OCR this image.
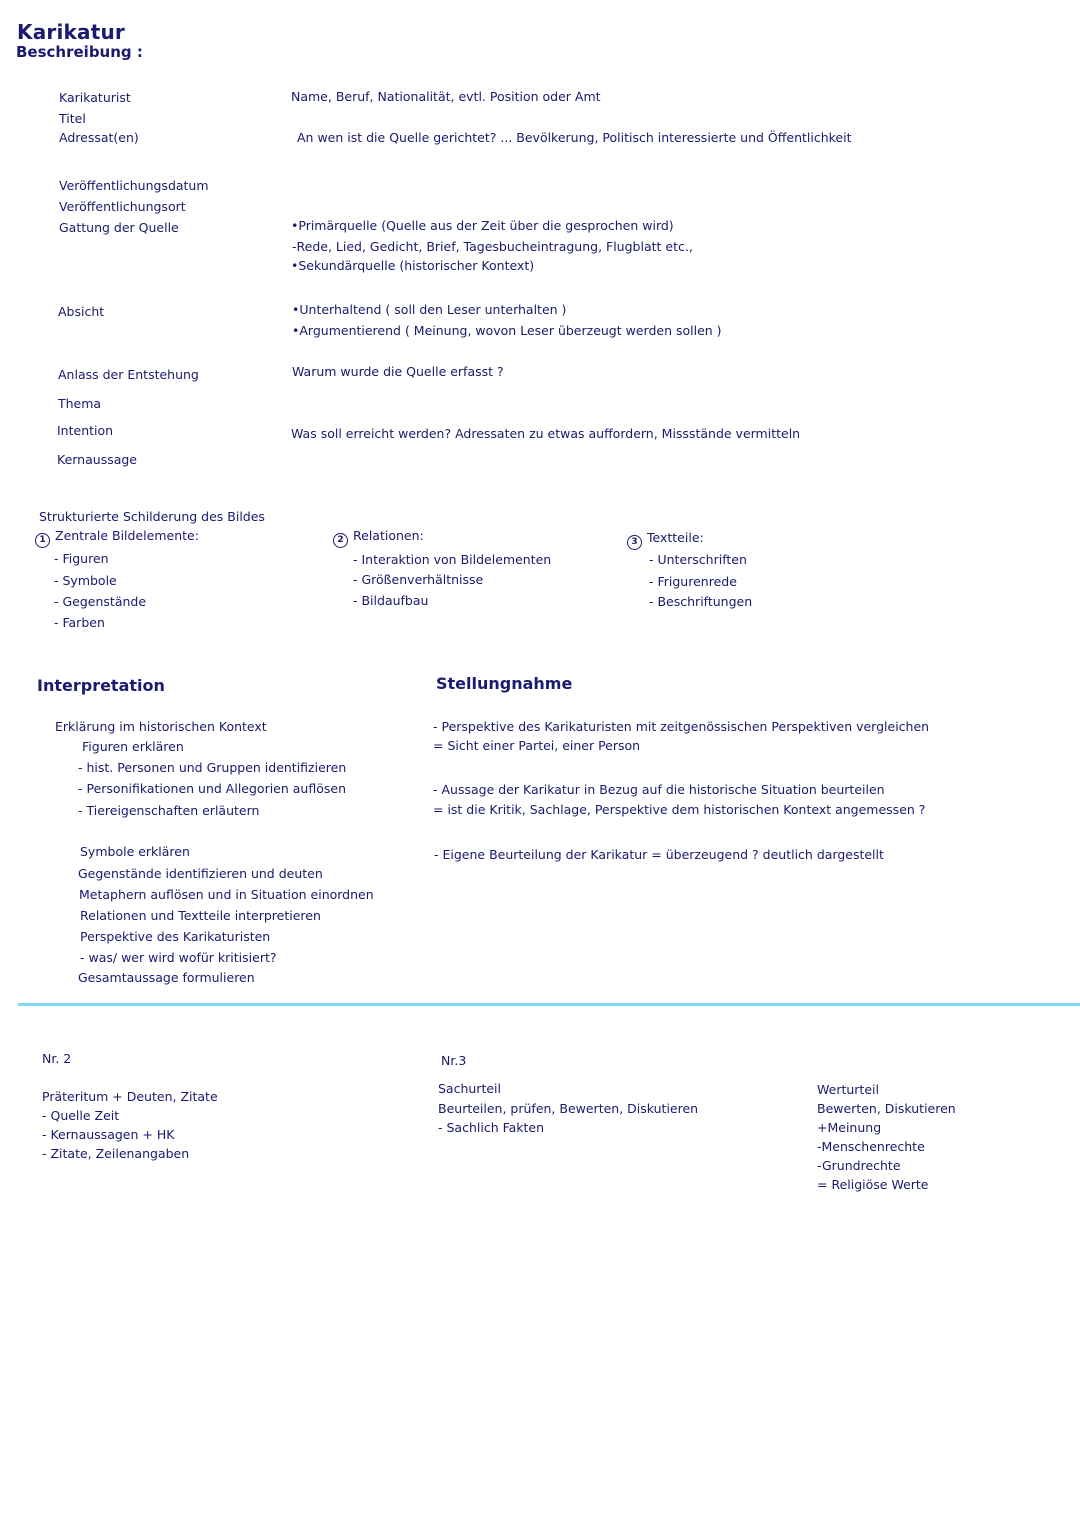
Karikatur
Beschreibung :
Karikaturist
Titel
Adressat(en)
Veröffentlichungsdatum
Veröffentlichungsort
Gattung der Quelle
Absicht
Anlass der Entstehung
Thema
Intention
Kernaussage
Name, Beruf, Nationalität, evtl. Position oder Amt
An wen ist die Quelle gerichtet? ... Bevölkerung, Politisch interessierte und Öffentlichkeit
•Primärquelle (Quelle aus der Zeit über die gesprochen wird)
-Rede, Lied, Gedicht, Brief, Tagesbucheintragung, Flugblatt etc.,
•Sekundärquelle (historischer Kontext)
•Unterhaltend ( soll den Leser unterhalten )
•Argumentierend ( Meinung, wovon Leser überzeugt werden sollen )
Warum wurde die Quelle erfasst ?
Was soll erreicht werden? Adressaten zu etwas auffordern, Missstände vermitteln
Strukturierte Schilderung des Bildes
1 Zentrale Bildelemente:
- Figuren
- Symbole
- Gegenstände
- Farben
2 Relationen:
- Interaktion von Bildelementen
- Größenverhältnisse
- Bildaufbau
3 Textteile:
- Unterschriften
- Frigurenrede
- Beschriftungen
Interpretation
Erklärung im historischen Kontext
Figuren erklären
- hist. Personen und Gruppen identifizieren
- Personifikationen und Allegorien auflösen
- Tiereigenschaften erläutern
Symbole erklären
Gegenstände identifizieren und deuten
Metaphern auflösen und in Situation einordnen
Relationen und Textteile interpretieren
Perspektive des Karikaturisten
- was/ wer wird wofür kritisiert?
Gesamtaussage formulieren
Stellungnahme
- Perspektive des Karikaturisten mit zeitgenössischen Perspektiven vergleichen
= Sicht einer Partei, einer Person
- Aussage der Karikatur in Bezug auf die historische Situation beurteilen
= ist die Kritik, Sachlage, Perspektive dem historischen Kontext angemessen ?
- Eigene Beurteilung der Karikatur = überzeugend ? deutlich dargestellt
Nr. 2
Präteritum + Deuten, Zitate
- Quelle Zeit
- Kernaussagen + HK
- Zitate, Zeilenangaben
Nr.3
Sachurteil
Beurteilen, prüfen, Bewerten, Diskutieren
- Sachlich Fakten
Werturteil
Bewerten, Diskutieren
+Meinung
-Menschenrechte
-Grundrechte
= Religiöse Werte
